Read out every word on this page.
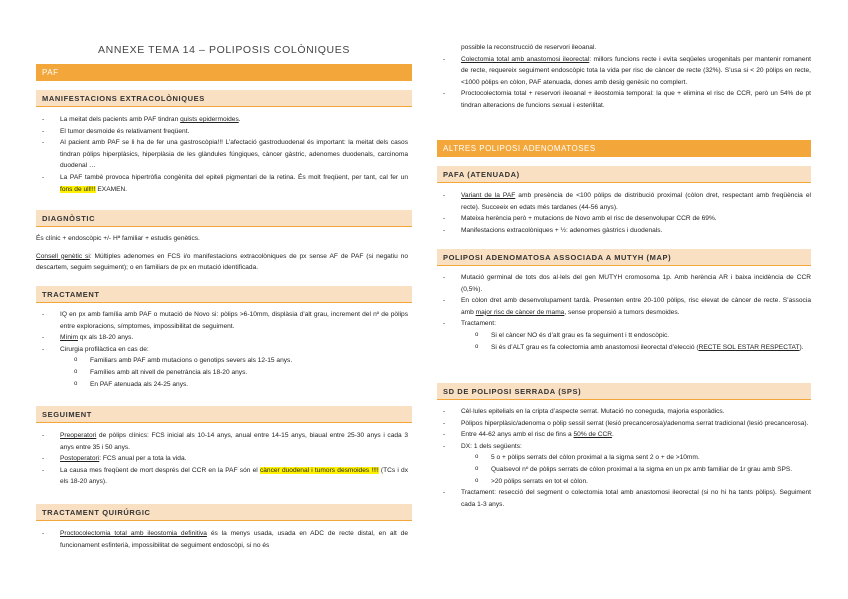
ANNEXE TEMA 14 – POLIPOSIS COLÒNIQUES
PAF
MANIFESTACIONS EXTRACOLÒNIQUES

- La meitat dels pacients amb PAF tindran quists epidermoides.

- El tumor desmoide és relativament freqüent.

- Al pacient amb PAF se li ha de fer una gastroscòpia!!! L’afectació gastroduodenal és important: la meitat dels casos tindran pòlips hiperplàsics, hiperplàsia de les glàndules fúngiques, càncer gàstric, adenomes duodenals, carcinoma duodenal …

- La PAF també provoca hipertròfia congènita del epiteli pigmentari de la retina. És molt freqüent, per tant, cal fer un fons de ull!!! EXAMEN.

DIAGNÒSTIC

És clínic + endoscòpic +/- Hª familiar + estudis genètics.

Consell genètic si: Múltiples adenomes en FCS i/o manifestacions extracolòniques de px sense AF de PAF (si negatiu no descartem, seguim seguiment); o en familiars de px en mutació identificada.

TRACTAMENT

- IQ en px amb família amb PAF o mutació de Novo si: pòlips >6-10mm, displàsia d’alt grau, increment del nº de pòlips entre exploracions, símptomes, impossibilitat de seguiment.

- Mínim qx als 18-20 anys.

- Cirurgia profilàctica en cas de:

o Familiars amb PAF amb mutacions o genotips severs als 12-15 anys.

o Famílies amb alt nivell de penetrància als 18-20 anys.

o En PAF atenuada als 24-25 anys.

SEGUIMENT

- Preoperatori de pòlips clínics: FCS inicial als 10-14 anys, anual entre 14-15 anys, biaual entre 25-30 anys i cada 3 anys entre 35 i 50 anys.

- Postoperatori: FCS anual per a tota la vida.

- La causa mes freqüent de mort després del CCR en la PAF són el càncer duodenal i tumors desmoides !!!! (TCs i dx els 18-20 anys).

TRACTAMENT QUIRÚRGIC

- Proctocolectomia total amb ileostomia definitiva és la menys usada, usada en ADC de recte distal, en alt de funcionament esfinterià, impossibilitat de seguiment endoscòpi, si no és

possible la reconstrucció de reservori ileoanal.

- Colectomia total amb anastomosi ileorectal: millors funcions recte i evita seqüeles urogenitals per mantenir romanent de recte, requereix seguiment endoscòpic tota la vida per risc de càncer de recte (32%). S’usa si < 20 pòlips en recte, <1000 pòlips en còlon, PAF atenuada, dones amb desig genèsic no complert.

- Proctocolectomia total + reservori ileoanal + ileostomia temporal: la que + elimina el risc de CCR, però un 54% de pt tindran alteracions de funcions sexual i esterilitat.

ALTRES POLIPOSI ADENOMATOSES
PAFA (ATENUADA)

- Variant de la PAF amb presència de <100 pòlips de distribució proximal (còlon dret, respectant amb freqüència el recte). Succeeix en edats més tardanes (44-56 anys).

- Mateixa herència però + mutacions de Novo amb el risc de desenvolupar CCR de 69%.

- Manifestacions extracolòniques + ½: adenomes gàstrics i duodenals.

POLIPOSI ADENOMATOSA ASSOCIADA A MUTYH (MAP)

- Mutació germinal de tots dos al·lels del gen MUTYH cromosoma 1p. Amb herència AR i baixa incidència de CCR (0,5%).

- En còlon dret amb desenvolupament tardà. Presenten entre 20-100 pòlips, risc elevat de càncer de recte. S’associa amb major risc de càncer de mama, sense propensió a tumors desmoides.

- Tractament:

o Si el càncer NO és d’alt grau es fa seguiment i tt endoscòpic.

o Si és d’ALT grau es fa colectomia amb anastomosi ileorectal d’elecció (RECTE SOL ESTAR RESPECTAT).

SD DE POLIPOSI SERRADA (SPS)

- Cèl·lules epitelials en la cripta d’aspecte serrat. Mutació no coneguda, majoria esporàdics.

- Pòlipos hiperplàsic/adenoma o pòlip sessil serrat (lesió precancerosa)/adenoma serrat tradicional (lesió precancerosa).

- Entre 44-62 anys amb el risc de fins a 50% de CCR.

- DX: 1 dels següents:

o 5 o + pòlips serrats del còlon proximal a la sigma sent 2 o + de >10mm.

o Qualsevol nº de pòlips serrats de còlon proximal a la sigma en un px amb familiar de 1r grau amb SPS.

o >20 pòlips serrats en tot el còlon.

- Tractament: resecció del segment o colectomia total amb anastomosi ileorectal (si no hi ha tants pòlips). Seguiment cada 1-3 anys.
